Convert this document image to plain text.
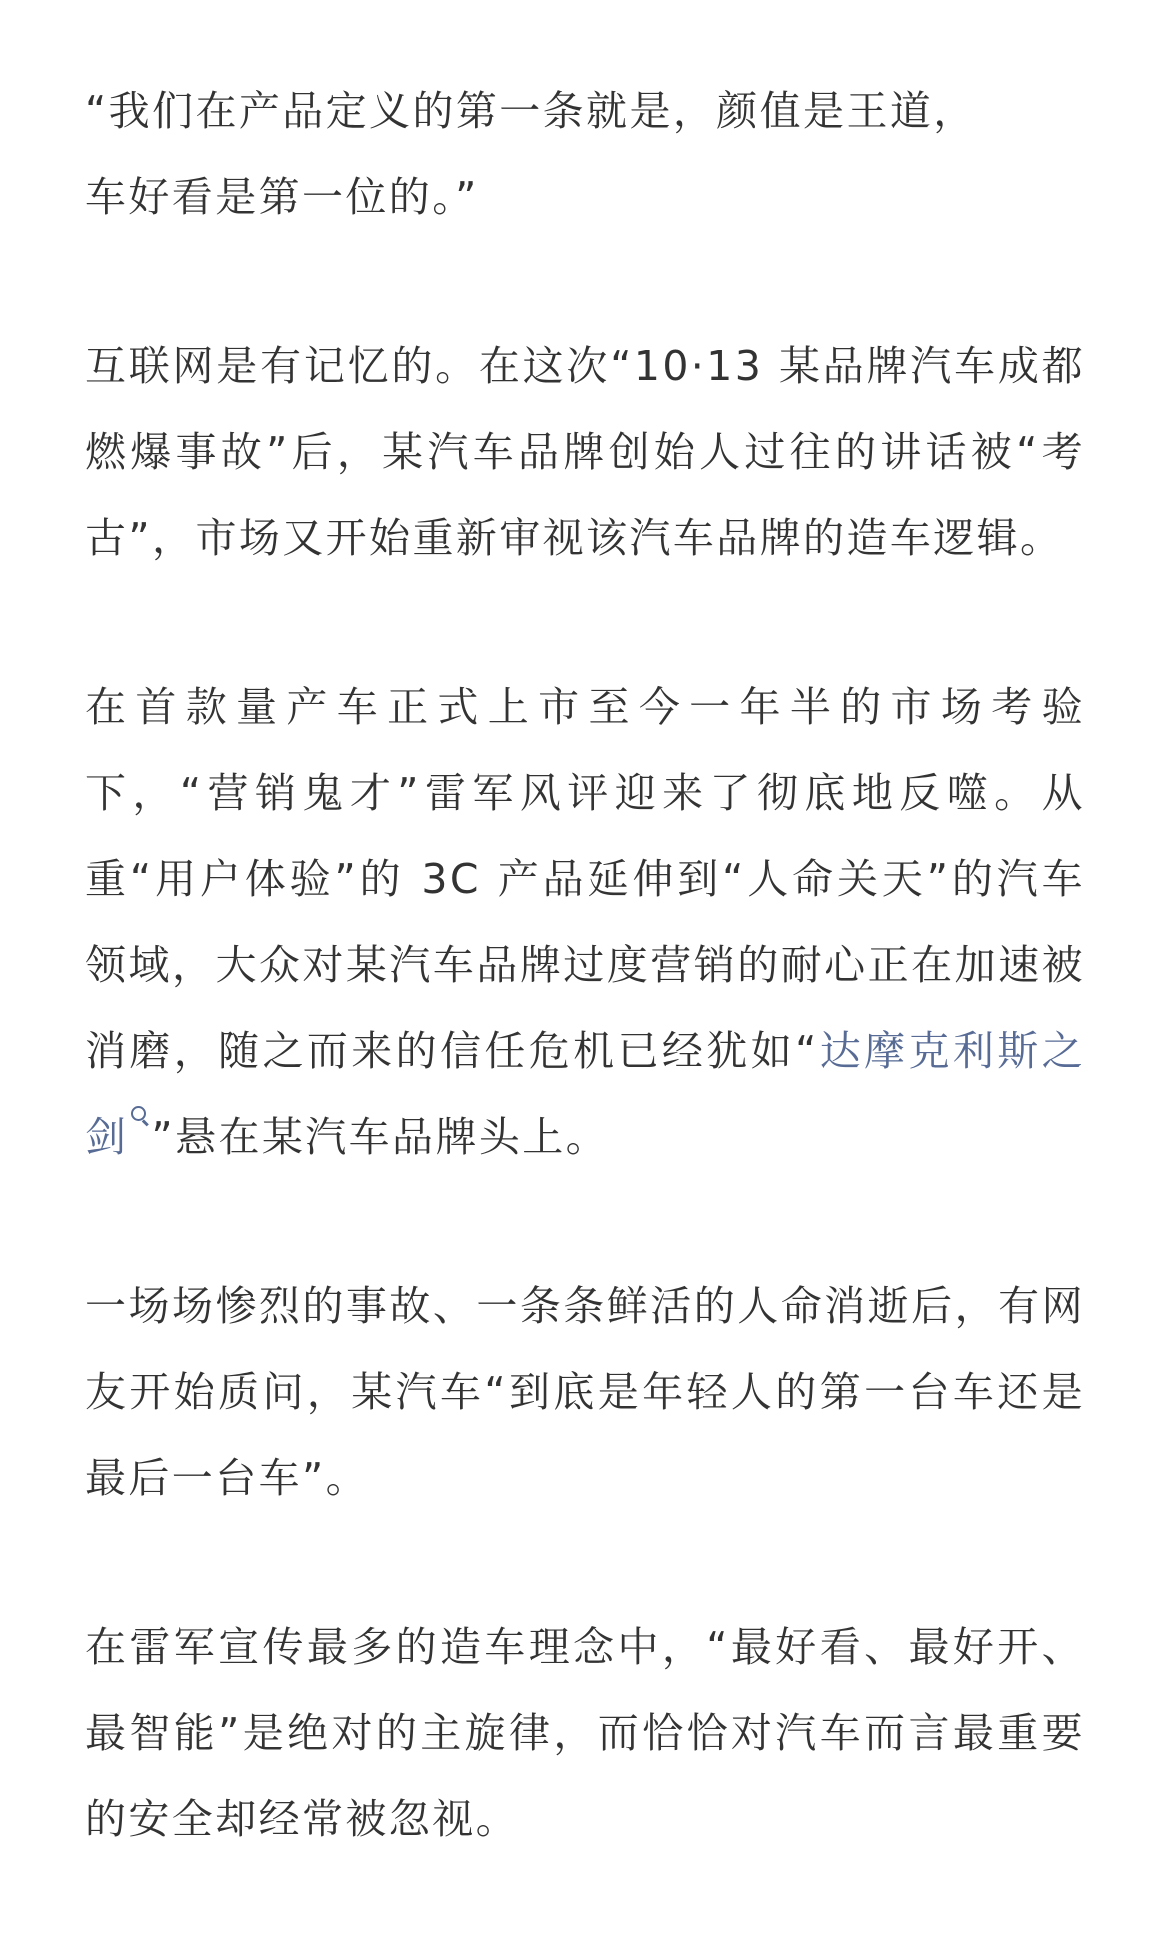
“我们在产品定义的第一条就是，颜值是王道，
车好看是第一位的。”

互联网是有记忆的。在这次“10·13 某品牌汽车成都燃爆事故”后，某汽车品牌创始人过往的讲话被“考古”，市场又开始重新审视该汽车品牌的造车逻辑。

在首款量产车正式上市至今一年半的市场考验下，“营销鬼才”雷军风评迎来了彻底地反噬。从重“用户体验”的 3C 产品延伸到“人命关天”的汽车领域，大众对某汽车品牌过度营销的耐心正在加速被消磨，随之而来的信任危机已经犹如“达摩克利斯之剑 ”悬在某汽车品牌头上。

一场场惨烈的事故、一条条鲜活的人命消逝后，有网友开始质问，某汽车“到底是年轻人的第一台车还是最后一台车”。

在雷军宣传最多的造车理念中，“最好看、最好开、最智能”是绝对的主旋律，而恰恰对汽车而言最重要的安全却经常被忽视。
